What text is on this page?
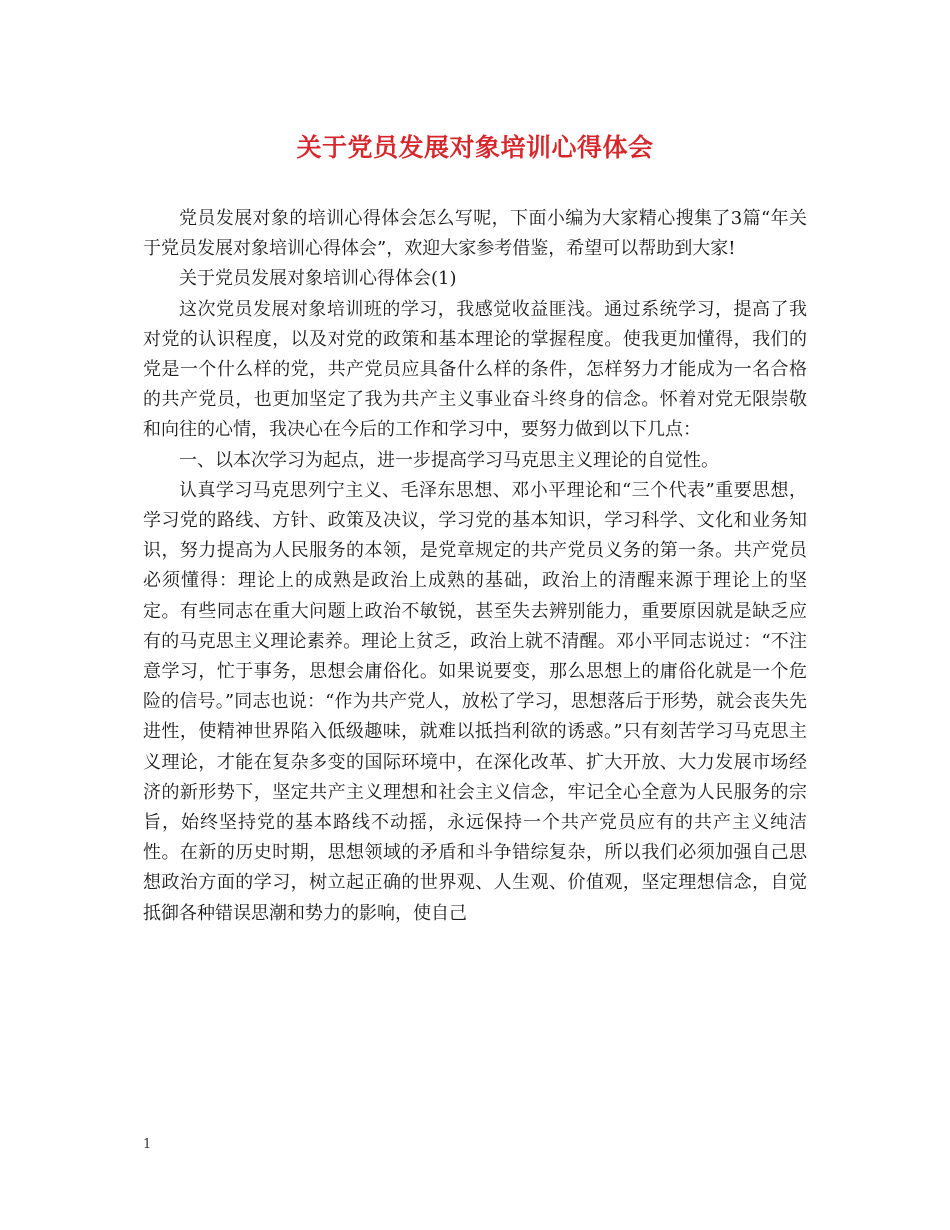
关于党员发展对象培训心得体会

党员发展对象的培训心得体会怎么写呢，下面小编为大家精心搜集了3篇“年关于党员发展对象培训心得体会”，欢迎大家参考借鉴，希望可以帮助到大家!

关于党员发展对象培训心得体会(1)

这次党员发展对象培训班的学习，我感觉收益匪浅。通过系统学习，提高了我对党的认识程度，以及对党的政策和基本理论的掌握程度。使我更加懂得，我们的党是一个什么样的党，共产党员应具备什么样的条件，怎样努力才能成为一名合格的共产党员，也更加坚定了我为共产主义事业奋斗终身的信念。怀着对党无限崇敬和向往的心情，我决心在今后的工作和学习中，要努力做到以下几点：

一、以本次学习为起点，进一步提高学习马克思主义理论的自觉性。

认真学习马克思列宁主义、毛泽东思想、邓小平理论和“三个代表”重要思想，学习党的路线、方针、政策及决议，学习党的基本知识，学习科学、文化和业务知识，努力提高为人民服务的本领，是党章规定的共产党员义务的第一条。共产党员必须懂得：理论上的成熟是政治上成熟的基础，政治上的清醒来源于理论上的坚定。有些同志在重大问题上政治不敏锐，甚至失去辨别能力，重要原因就是缺乏应有的马克思主义理论素养。理论上贫乏，政治上就不清醒。邓小平同志说过：“不注意学习，忙于事务，思想会庸俗化。如果说要变，那么思想上的庸俗化就是一个危险的信号。”同志也说：“作为共产党人，放松了学习，思想落后于形势，就会丧失先进性，使精神世界陷入低级趣味，就难以抵挡利欲的诱惑。”只有刻苦学习马克思主义理论，才能在复杂多变的国际环境中，在深化改革、扩大开放、大力发展市场经济的新形势下，坚定共产主义理想和社会主义信念，牢记全心全意为人民服务的宗旨，始终坚持党的基本路线不动摇，永远保持一个共产党员应有的共产主义纯洁性。在新的历史时期，思想领域的矛盾和斗争错综复杂，所以我们必须加强自己思想政治方面的学习，树立起正确的世界观、人生观、价值观，坚定理想信念，自觉抵御各种错误思潮和势力的影响，使自己

1
